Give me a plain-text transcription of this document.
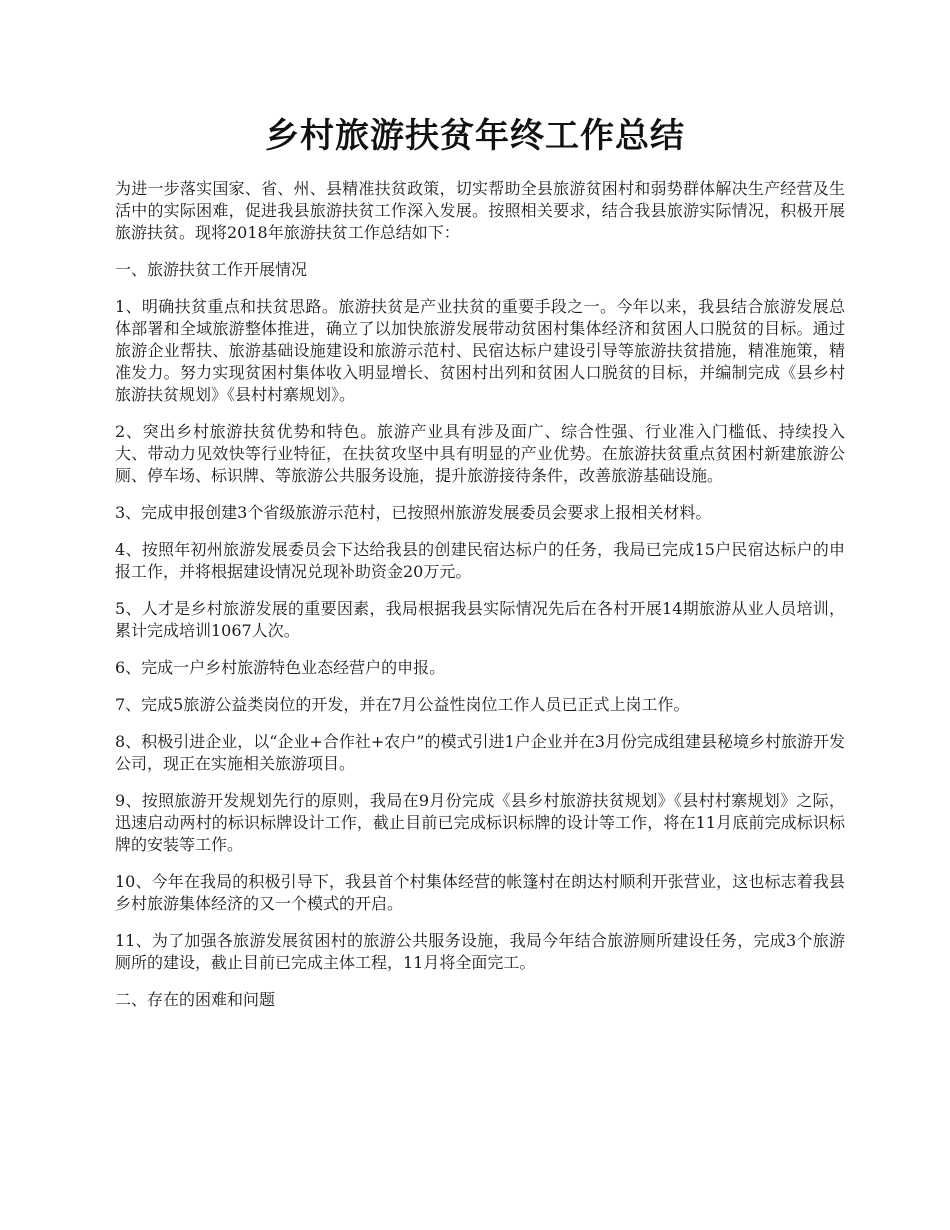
乡村旅游扶贫年终工作总结

为进一步落实国家、省、州、县精准扶贫政策，切实帮助全县旅游贫困村和弱势群体解决生产经营及生活中的实际困难，促进我县旅游扶贫工作深入发展。按照相关要求，结合我县旅游实际情况，积极开展旅游扶贫。现将2018年旅游扶贫工作总结如下：

一、旅游扶贫工作开展情况

1、明确扶贫重点和扶贫思路。旅游扶贫是产业扶贫的重要手段之一。今年以来，我县结合旅游发展总体部署和全域旅游整体推进，确立了以加快旅游发展带动贫困村集体经济和贫困人口脱贫的目标。通过旅游企业帮扶、旅游基础设施建设和旅游示范村、民宿达标户建设引导等旅游扶贫措施，精准施策，精准发力。努力实现贫困村集体收入明显增长、贫困村出列和贫困人口脱贫的目标，并编制完成《县乡村旅游扶贫规划》《县村村寨规划》。

2、突出乡村旅游扶贫优势和特色。旅游产业具有涉及面广、综合性强、行业准入门槛低、持续投入大、带动力见效快等行业特征，在扶贫攻坚中具有明显的产业优势。在旅游扶贫重点贫困村新建旅游公厕、停车场、标识牌、等旅游公共服务设施，提升旅游接待条件，改善旅游基础设施。

3、完成申报创建3个省级旅游示范村，已按照州旅游发展委员会要求上报相关材料。

4、按照年初州旅游发展委员会下达给我县的创建民宿达标户的任务，我局已完成15户民宿达标户的申报工作，并将根据建设情况兑现补助资金20万元。

5、人才是乡村旅游发展的重要因素，我局根据我县实际情况先后在各村开展14期旅游从业人员培训，累计完成培训1067人次。

6、完成一户乡村旅游特色业态经营户的申报。

7、完成5旅游公益类岗位的开发，并在7月公益性岗位工作人员已正式上岗工作。

8、积极引进企业，以“企业+合作社+农户”的模式引进1户企业并在3月份完成组建县秘境乡村旅游开发公司，现正在实施相关旅游项目。

9、按照旅游开发规划先行的原则，我局在9月份完成《县乡村旅游扶贫规划》《县村村寨规划》之际，迅速启动两村的标识标牌设计工作，截止目前已完成标识标牌的设计等工作，将在11月底前完成标识标牌的安装等工作。

10、今年在我局的积极引导下，我县首个村集体经营的帐篷村在朗达村顺利开张营业，这也标志着我县乡村旅游集体经济的又一个模式的开启。

11、为了加强各旅游发展贫困村的旅游公共服务设施，我局今年结合旅游厕所建设任务，完成3个旅游厕所的建设，截止目前已完成主体工程，11月将全面完工。

二、存在的困难和问题
